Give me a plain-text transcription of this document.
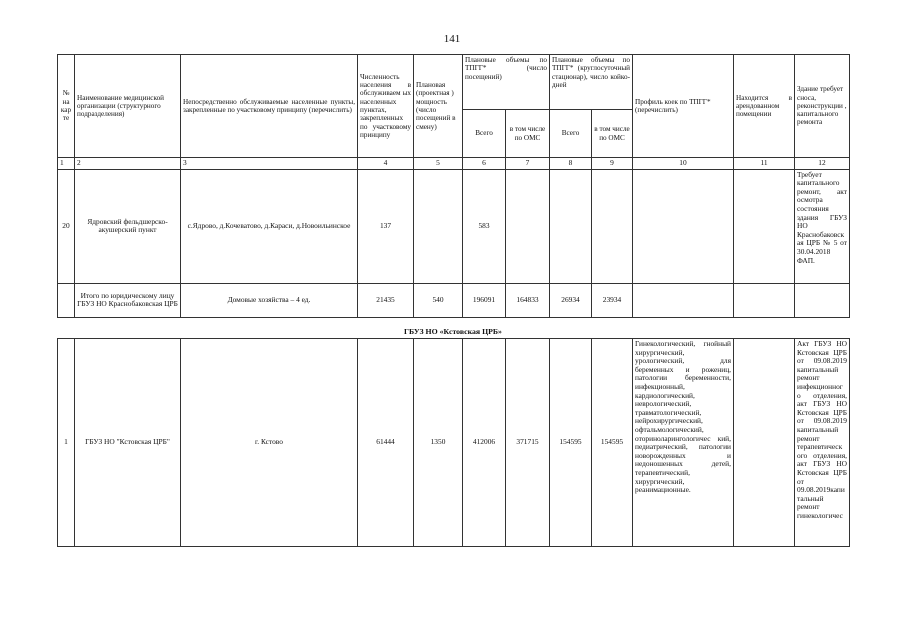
141
№ на кар те	Наименование медицинской организации (структурного подразделения)	Непосредственно обслуживаемые населенные пункты, закрепленные по участковому принципу (перечислить)	Численность населения в обслуживаем ых населенных пунктах, закрепленных по участковому принципу	Плановая (проектная ) мощность (число посещений в смену)	Плановые объемы по ТПГГ* (число посещений)		Плановые объемы по ТПГГ* (круглосуточный стационар), число койко-дней		Профиль коек по ТПГГ* (перечислить)	Находится в арендованном помещении	Здание требует сноса, реконструкции , капитального ремонта
					Всего	в том числе по ОМС	Всего	в том числе по ОМС			
1	2	3	4	5	6	7	8	9	10	11	12
20	Ядровский фельдшерско-акушерский пункт	с.Ядрово, д.Кочеватово, д.Караси, д.Новоильинское	137		583						Требует капитального ремонт, акт осмотра состояния здания ГБУЗ НО Краснобаковск ая ЦРБ № 5 от 30.04.2018 ФАП.
	Итого по юридическому лицу ГБУЗ НО Краснобаковская ЦРБ	Домовые хозяйства – 4 ед.	21435	540	196091	164833	26934	23934			
ГБУЗ НО «Кстовская ЦРБ»
1	ГБУЗ НО "Кстовская ЦРБ"	г. Кстово	61444	1350	412006	371715	154595	154595	Гинекологический, гнойный хирургический, урологический, для беременных и рожениц, патологии беременности, инфекционный, кардиологический, неврологический, травматологический, нейрохирургический, офтальмологический, оториноларингологичес кий, педиатрический, патологии новорожденных и недоношенных детей, терапевтический, хирургический, реанимационные.		Акт ГБУЗ НО Кстовская ЦРБ от 09.08.2019 капитальный ремонт инфекционног о отделения, акт ГБУЗ НО Кстовская ЦРБ от 09.08.2019 капитальный ремонт терапевтическ ого отделения, акт ГБУЗ НО Кстовская ЦРБ от 09.08.2019капи тальный ремонт гинекологичес
